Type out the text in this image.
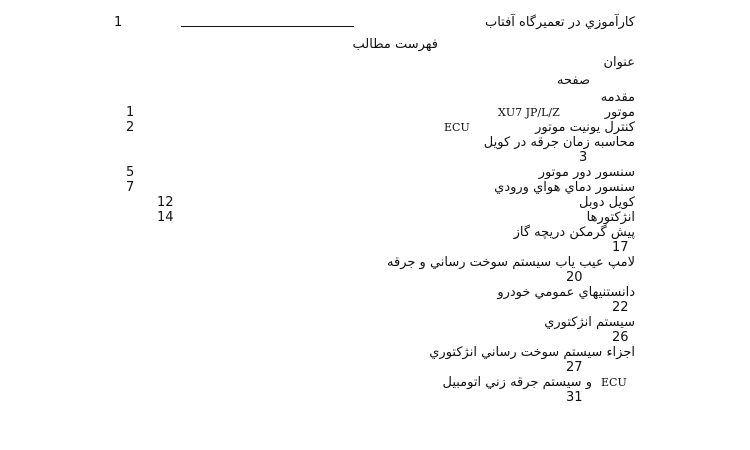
کارآموزي در تعميرگاه آفتاب
1
فهرست مطالب
عنوان
صفحه
مقدمه
موتور
XU7 JP/L/Z
1
کنترل يونيت موتور
ECU
2
محاسبه زمان جرقه در کويل
3
سنسور دور موتور
5
سنسور دماي هواي ورودي
7
کويل دوبل
12
انژکتورها
14
پيش گرمکن دريچه گاز
17
لامپ عيب ياب سيستم سوخت رساني و جرقه
20
دانستنيهاي عمومي خودرو
22
سيستم انژکتوري
26
اجزاء سيستم سوخت رساني انژکتوري
27
ECU
و سيستم جرقه زني اتومبيل
31
